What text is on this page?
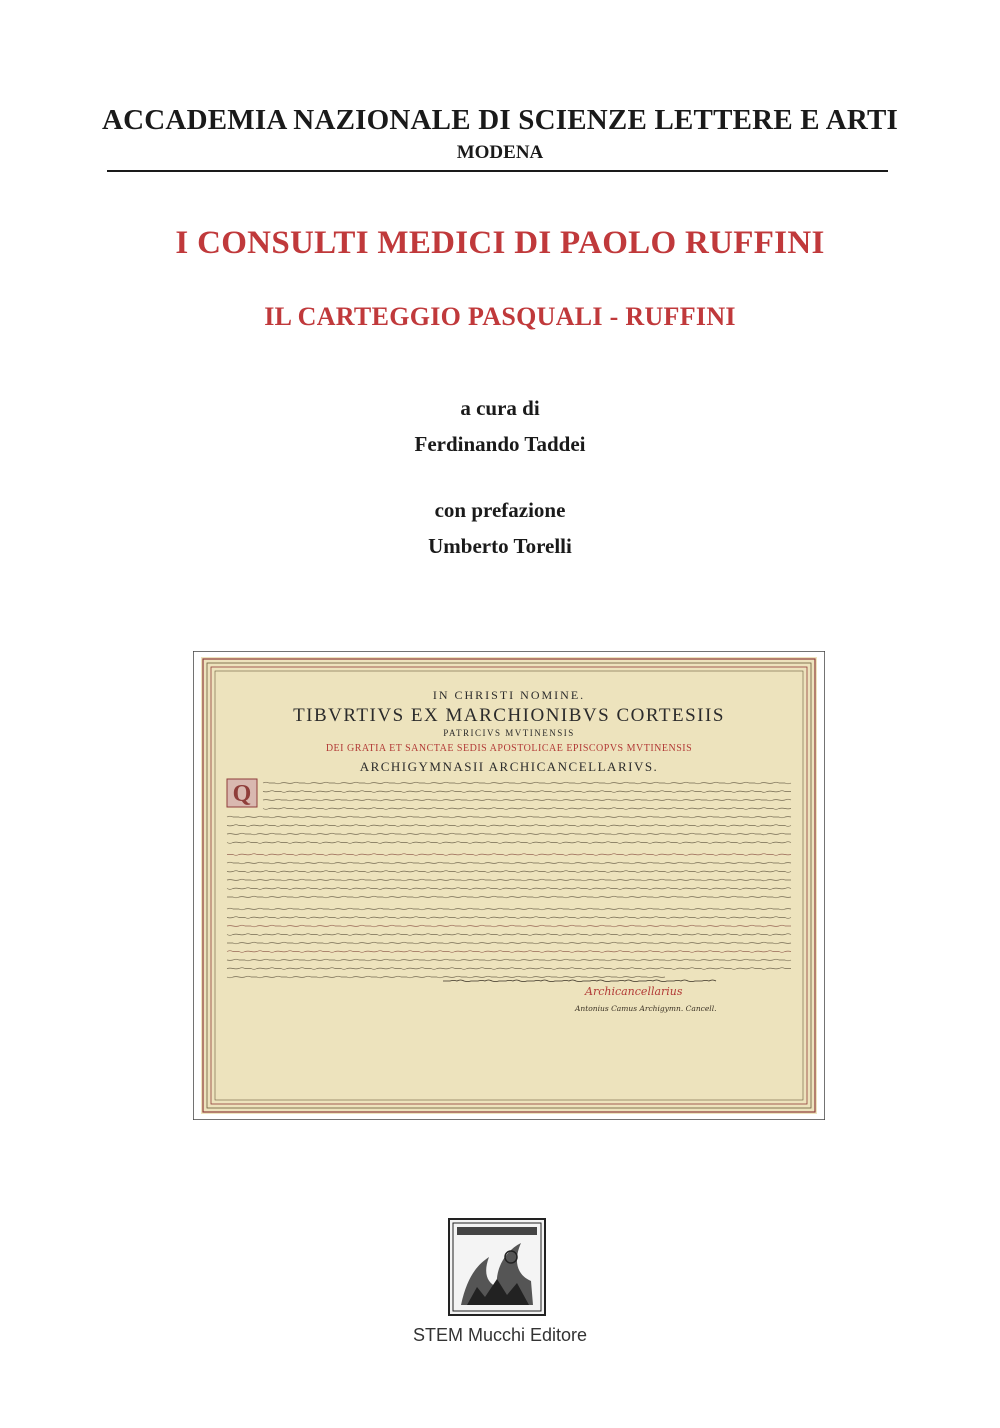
ACCADEMIA NAZIONALE DI SCIENZE LETTERE E ARTI
MODENA
I CONSULTI MEDICI DI PAOLO RUFFINI
IL CARTEGGIO PASQUALI - RUFFINI
a cura di
Ferdinando Taddei
con prefazione
Umberto Torelli
IN CHRISTI NOMINE.
TIBVRTIVS EX MARCHIONIBVS CORTESIIS
PATRICIVS MVTINENSIS
DEI GRATIA ET SANCTAE SEDIS APOSTOLICAE EPISCOPVS MVTINENSIS
ARCHIGYMNASII ARCHICANCELLARIVS.
Q
Archicancellarius
Antonius Camus Archigymn. Cancell.
STEM Mucchi Editore
